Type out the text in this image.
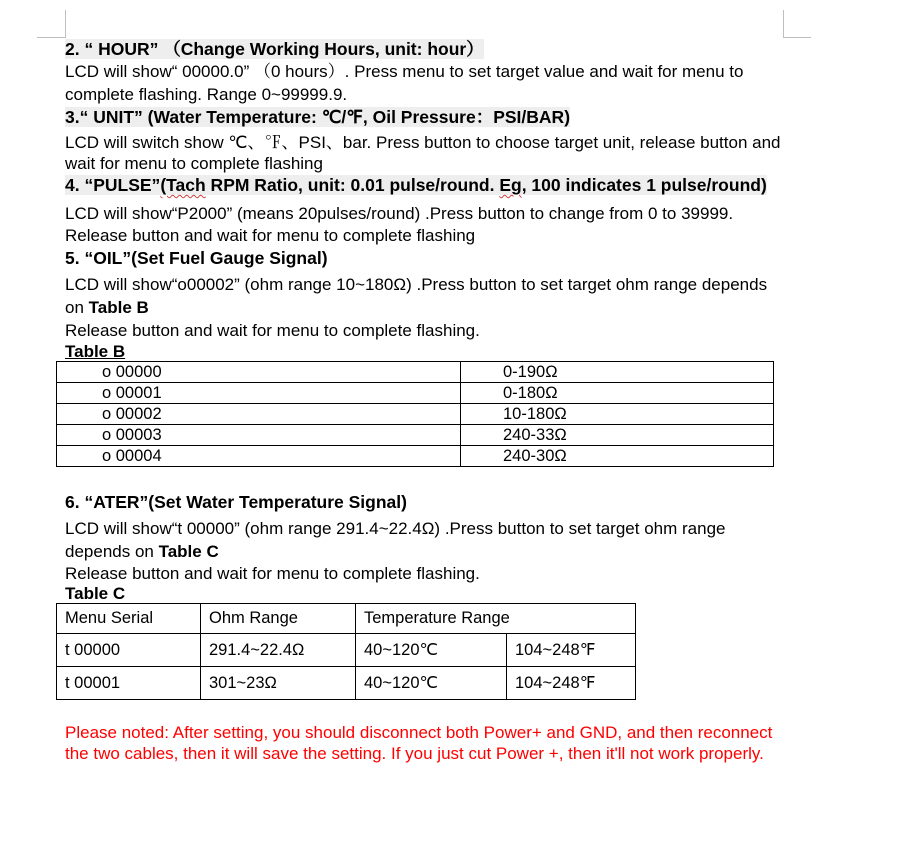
2. “ HOUR” （Change Working Hours, unit: hour）

LCD will show“ 00000.0” （0 hours）. Press menu to set target value and wait for menu to complete flashing. Range 0~99999.9.

3.“ UNIT” (Water Temperature: ℃/℉, Oil Pressure：PSI/BAR)

LCD will switch show ℃、℉、PSI、bar. Press button to choose target unit, release button and wait for menu to complete flashing

4. “PULSE”(Tach RPM Ratio, unit: 0.01 pulse/round. Eg, 100 indicates 1 pulse/round)

LCD will show“P2000” (means 20pulses/round) .Press button to change from 0 to 39999.

Release button and wait for menu to complete flashing

5. “OIL”(Set Fuel Gauge Signal)

LCD will show“o00002” (ohm range 10~180Ω) .Press button to set target ohm range depends on Table B

Release button and wait for menu to complete flashing.

Table B
o 00000	0-190Ω
o 00001	0-180Ω
o 00002	10-180Ω
o 00003	240-33Ω
o 00004	240-30Ω
6. “ATER”(Set Water Temperature Signal)

LCD will show“t 00000” (ohm range 291.4~22.4Ω) .Press button to set target ohm range depends on Table C

Release button and wait for menu to complete flashing.

Table C
Menu Serial	Ohm Range	Temperature Range	
t 00000	291.4~22.4Ω	40~120℃	104~248℉
t 00001	301~23Ω	40~120℃	104~248℉
Please noted: After setting, you should disconnect both Power+ and GND, and then reconnect the two cables, then it will save the setting. If you just cut Power +, then it'll not work properly.
